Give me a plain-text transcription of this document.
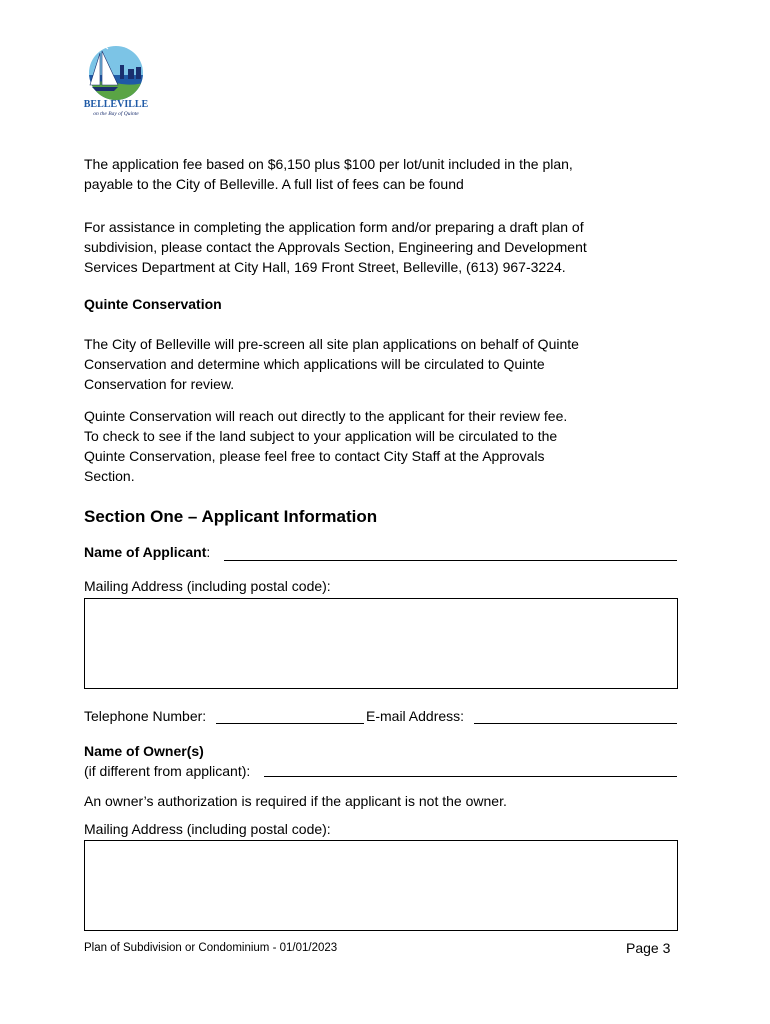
BELLEVILLE
on the Bay of Quinte
The application fee based on $6,150 plus $100 per lot/unit included in the plan,
payable to the City of Belleville. A full list of fees can be found
For assistance in completing the application form and/or preparing a draft plan of
subdivision, please contact the Approvals Section, Engineering and Development
Services Department at City Hall, 169 Front Street, Belleville, (613) 967-3224.
Quinte Conservation
The City of Belleville will pre-screen all site plan applications on behalf of Quinte
Conservation and determine which applications will be circulated to Quinte
Conservation for review.
Quinte Conservation will reach out directly to the applicant for their review fee.
To check to see if the land subject to your application will be circulated to the
Quinte Conservation, please feel free to contact City Staff at the Approvals
Section.
Section One – Applicant Information
Name of Applicant:
Mailing Address (including postal code):
Telephone Number:	E-mail Address:
Name of Owner(s)
(if different from applicant):
An owner’s authorization is required if the applicant is not the owner.
Mailing Address (including postal code):
Plan of Subdivision or Condominium - 01/01/2023	Page 3
